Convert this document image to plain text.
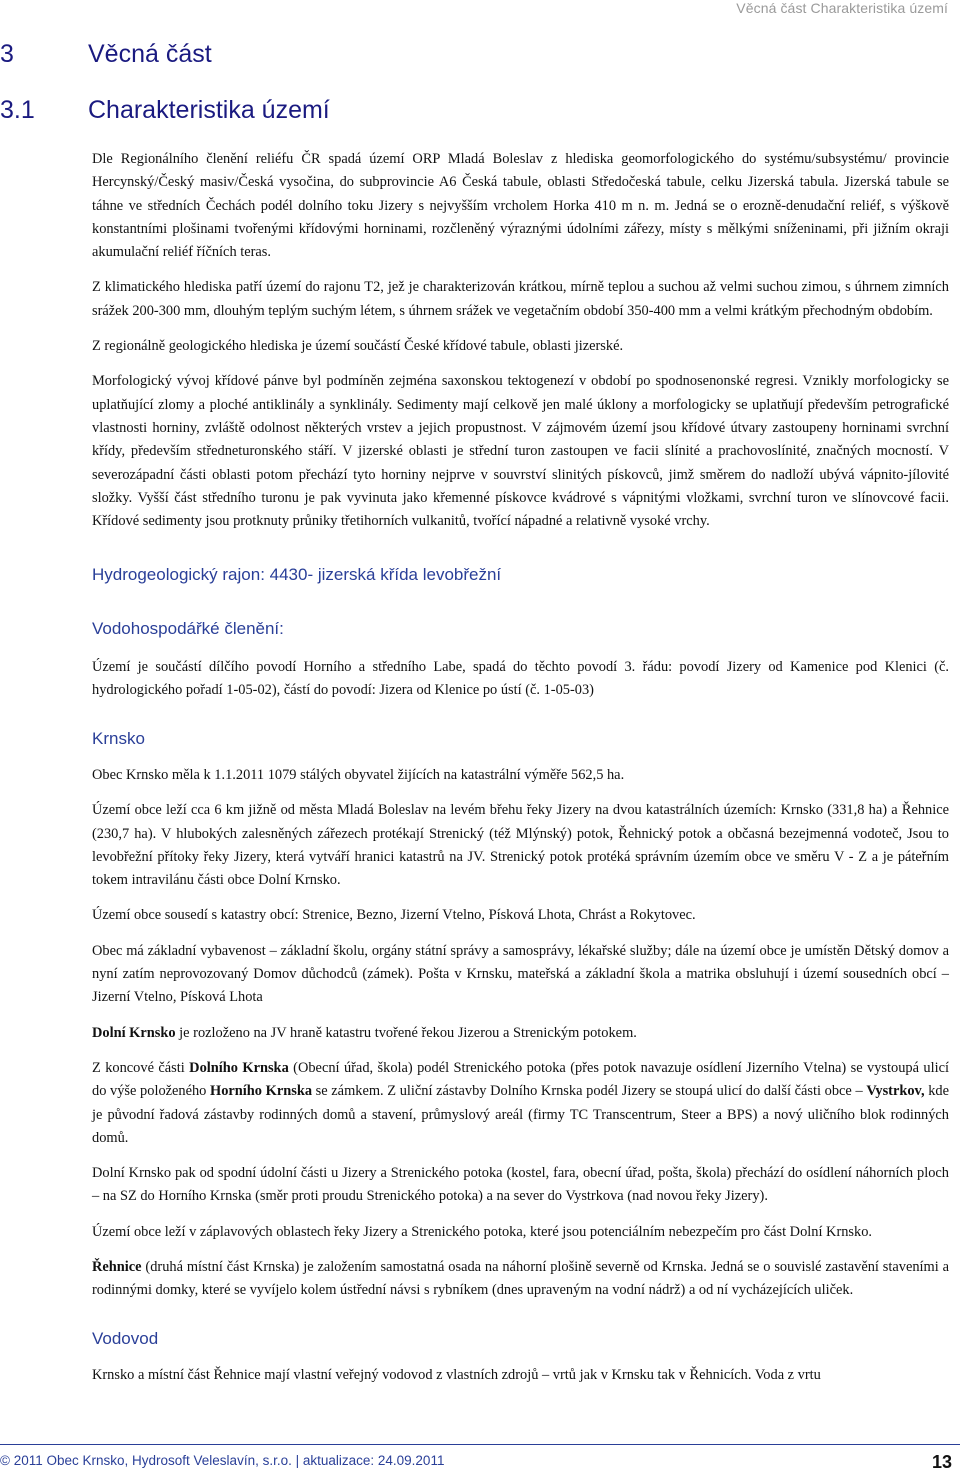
Věcná část Charakteristika území
3	Věcná část
3.1 Charakteristika území

Dle Regionálního členění reliéfu ČR spadá území ORP Mladá Boleslav z hlediska geomorfologického do systému/subsystému/ provincie Hercynský/Český masiv/Česká vysočina, do subprovincie A6 Česká tabule, oblasti Středočeská tabule, celku Jizerská tabula. Jizerská tabule se táhne ve středních Čechách podél dolního toku Jizery s nejvyšším vrcholem Horka 410 m n. m. Jedná se o erozně-denudační reliéf, s výškově konstantními plošinami tvořenými křídovými horninami, rozčleněný výraznými údolními zářezy, místy s mělkými sníženinami, při jižním okraji akumulační reliéf říčních teras.

Z klimatického hlediska patří území do rajonu T2, jež je charakterizován krátkou, mírně teplou a suchou až velmi suchou zimou, s úhrnem zimních srážek 200-300 mm, dlouhým teplým suchým létem, s úhrnem srážek ve vegetačním období 350-400 mm a velmi krátkým přechodným obdobím.

Z regionálně geologického hlediska je území součástí České křídové tabule, oblasti jizerské.

Morfologický vývoj křídové pánve byl podmíněn zejména saxonskou tektogenezí v období po spodnosenonské regresi. Vznikly morfologicky se uplatňující zlomy a ploché antiklinály a synklinály. Sedimenty mají celkově jen malé úklony a morfologicky se uplatňují především petrografické vlastnosti horniny, zvláště odolnost některých vrstev a jejich propustnost. V zájmovém území jsou křídové útvary zastoupeny horninami svrchní křídy, především středneturonského stáří. V jizerské oblasti je střední turon zastoupen ve facii slínité a prachovoslínité, značných mocností. V severozápadní části oblasti potom přechází tyto horniny nejprve v souvrství slinitých pískovců, jimž směrem do nadloží ubývá vápnito-jílovité složky. Vyšší část středního turonu je pak vyvinuta jako křemenné pískovce kvádrové s vápnitými vložkami, svrchní turon ve slínovcové facii. Křídové sedimenty jsou protknuty průniky třetihorních vulkanitů, tvořící nápadné a relativně vysoké vrchy.

Hydrogeologický rajon: 4430- jizerská křída levobřežní
Vodohospodářké členění:

Území je součástí dílčího povodí Horního a středního Labe, spadá do těchto povodí 3. řádu: povodí Jizery od Kamenice pod Klenici (č. hydrologického pořadí 1-05-02), částí do povodí: Jizera od Klenice po ústí (č. 1-05-03)

Krnsko

Obec Krnsko měla k 1.1.2011 1079 stálých obyvatel žijících na katastrální výměře 562,5 ha.

Území obce leží cca 6 km jižně od města Mladá Boleslav na levém břehu řeky Jizery na dvou katastrálních územích: Krnsko (331,8 ha) a Řehnice (230,7 ha). V hlubokých zalesněných zářezech protékají Strenický (též Mlýnský) potok, Řehnický potok a občasná bezejmenná vodoteč, Jsou to levobřežní přítoky řeky Jizery, která vytváří hranici katastrů na JV. Strenický potok protéká správním územím obce ve směru V - Z a je páteřním tokem intravilánu části obce Dolní Krnsko.

Území obce sousedí s katastry obcí: Strenice, Bezno, Jizerní Vtelno, Písková Lhota, Chrást a Rokytovec.

Obec má základní vybavenost – základní školu, orgány státní správy a samosprávy, lékařské služby; dále na území obce je umístěn Dětský domov a nyní zatím neprovozovaný Domov důchodců (zámek). Pošta v Krnsku, mateřská a základní škola a matrika obsluhují i území sousedních obcí – Jizerní Vtelno, Písková Lhota

Dolní Krnsko je rozloženo na JV hraně katastru tvořené řekou Jizerou a Strenickým potokem.

Z koncové části Dolního Krnska (Obecní úřad, škola) podél Strenického potoka (přes potok navazuje osídlení Jizerního Vtelna) se vystoupá ulicí do výše položeného Horního Krnska se zámkem. Z uliční zástavby Dolního Krnska podél Jizery se stoupá ulicí do další části obce – Vystrkov, kde je původní řadová zástavby rodinných domů a stavení, průmyslový areál (firmy TC Transcentrum, Steer a BPS) a nový uličního blok rodinných domů.

Dolní Krnsko pak od spodní údolní části u Jizery a Strenického potoka (kostel, fara, obecní úřad, pošta, škola) přechází do osídlení náhorních ploch – na SZ do Horního Krnska (směr proti proudu Strenického potoka) a na sever do Vystrkova (nad novou řeky Jizery).

Území obce leží v záplavových oblastech řeky Jizery a Strenického potoka, které jsou potenciálním nebezpečím pro část Dolní Krnsko.

Řehnice (druhá místní část Krnska) je založením samostatná osada na náhorní plošině severně od Krnska. Jedná se o souvislé zastavění staveními a rodinnými domky, které se vyvíjelo kolem ústřední návsi s rybníkem (dnes upraveným na vodní nádrž) a od ní vycházejících uliček.

Vodovod

Krnsko a místní část Řehnice mají vlastní veřejný vodovod z vlastních zdrojů – vrtů jak v Krnsku tak v Řehnicích. Voda z vrtu

© 2011 Obec Krnsko, Hydrosoft Veleslavín, s.r.o. | aktualizace: 24.09.2011	13
